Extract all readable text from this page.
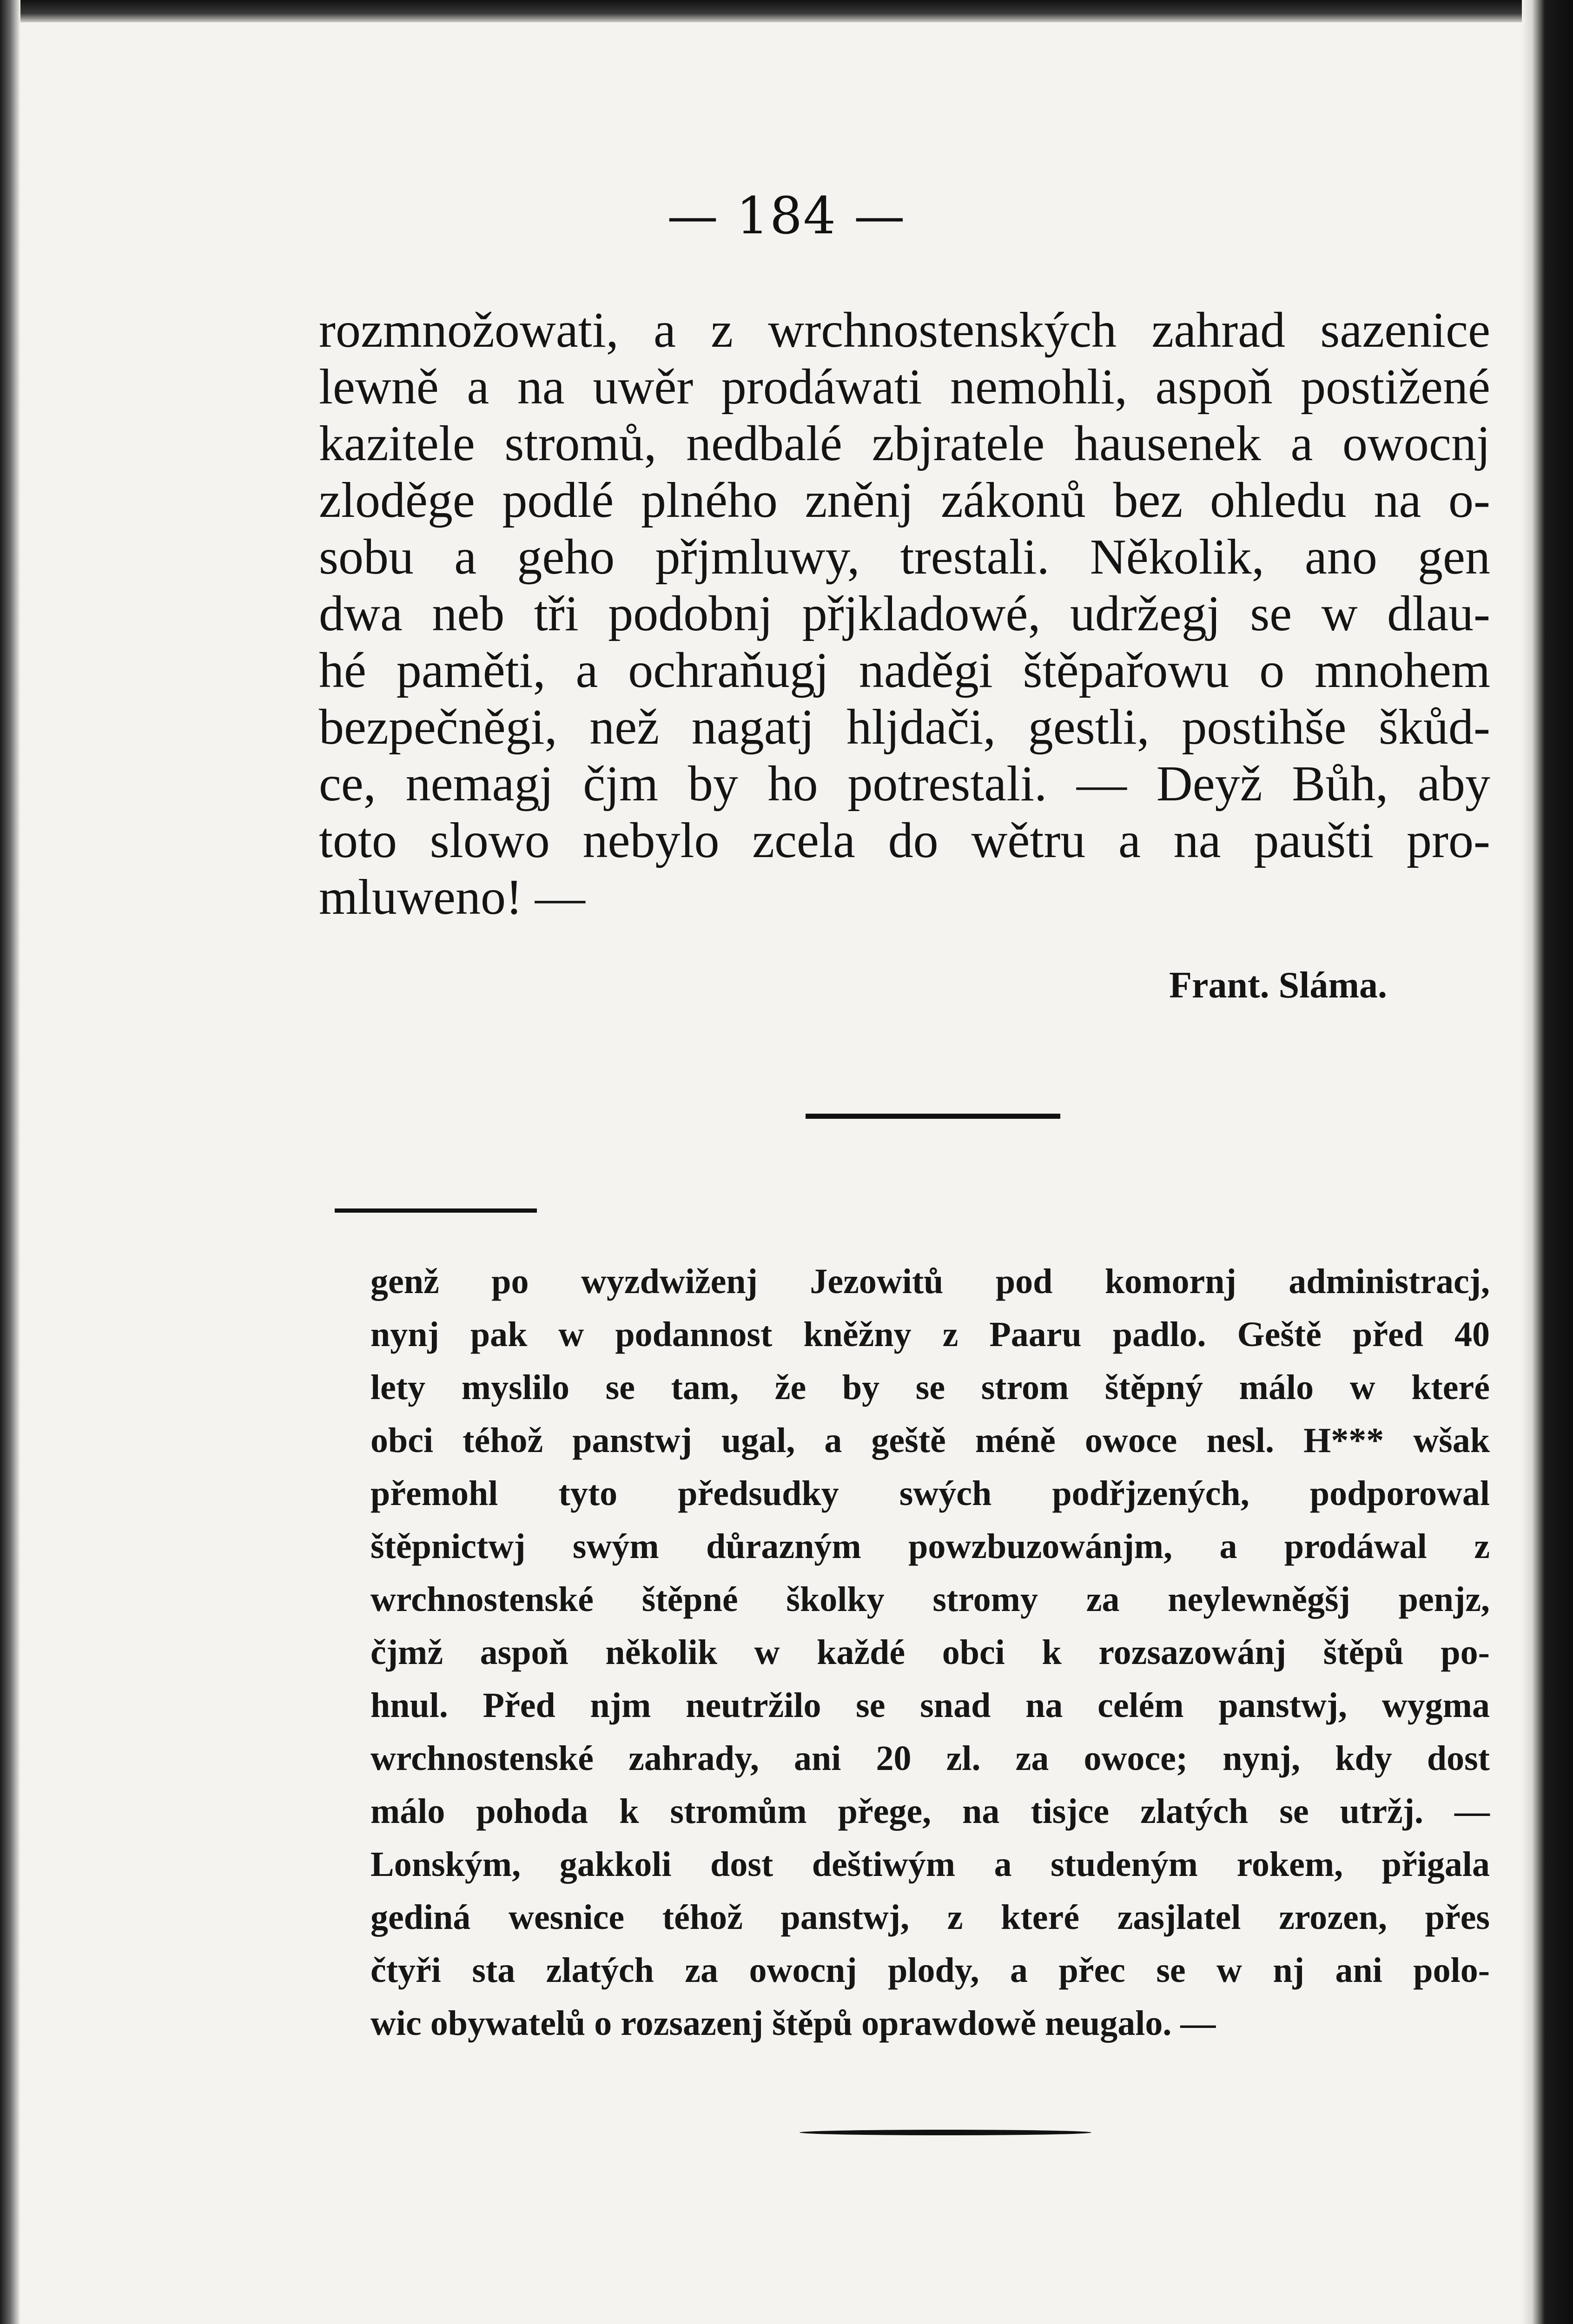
— 184 —
rozmnožowati, a z wrchnostenských zahrad sazenice
lewně a na uwěr prodáwati nemohli, aspoň postižené
kazitele stromů, nedbalé zbjratele hausenek a owocnj
zloděge podlé plného zněnj zákonů bez ohledu na o-
sobu a geho přjmluwy, trestali. Několik, ano gen
dwa neb tři podobnj přjkladowé, udržegj se w dlau-
hé paměti, a ochraňugj naděgi štěpařowu o mnohem
bezpečněgi, než nagatj hljdači, gestli, postihše škůd-
ce, nemagj čjm by ho potrestali. — Deyž Bůh, aby
toto slowo nebylo zcela do wětru a na paušti pro-
mluweno! —
Frant. Sláma.
genž po wyzdwiženj Jezowitů pod komornj administracj,
nynj pak w podannost kněžny z Paaru padlo. Geště před 40
lety myslilo se tam, že by se strom štěpný málo w které
obci téhož panstwj ugal, a geště méně owoce nesl. H*** wšak
přemohl tyto předsudky swých podřjzených, podporowal
štěpnictwj swým důrazným powzbuzowánjm, a prodáwal z
wrchnostenské štěpné školky stromy za neylewněgšj penjz,
čjmž aspoň několik w každé obci k rozsazowánj štěpů po-
hnul. Před njm neutržilo se snad na celém panstwj, wygma
wrchnostenské zahrady, ani 20 zl. za owoce; nynj, kdy dost
málo pohoda k stromům přege, na tisjce zlatých se utržj. —
Lonským, gakkoli dost deštiwým a studeným rokem, přigala
gediná wesnice téhož panstwj, z které zasjlatel zrozen, přes
čtyři sta zlatých za owocnj plody, a přec se w nj ani polo-
wic obywatelů o rozsazenj štěpů oprawdowě neugalo. —
